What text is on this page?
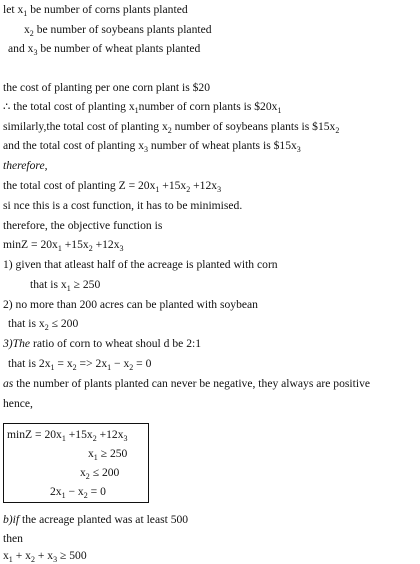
let $x_1$ be number of corns plants planted
$x_2$ be number of soybeans plants planted
and $x_3$ be number of wheat plants planted
the cost of planting per one corn plant is $20
∴ the total cost of planting $x_1number$ of corn plants is $\$20x_1$
similarly,the total cost of planting $x_2$ number of soybeans plants is $\$15x_2$
and the total cost of planting $x_3$ number of wheat plants is $\$15x_3$
therefore,
the total cost of planting $Z = 20x_1 +15x_2 +12x_3$
si nce this is a cost function, it has to be minimised.
therefore, the objective function is
$\min Z = 20x_1 +15x_2 +12x_3$
1) given that atleast half of the acreage is planted with corn
that is $x_1 \ge 250$
2) no more than 200 acres can be planted with soybean
that is $x_2 \le 200$
3)The ratio of corn to wheat shoul d be 2:1
that is $2x_1 = x_2 => 2x_1 - x_2 = 0$
as the number of plants planted can never be negative, they always are positive
hence,
$\min Z = 20x_1 +15x_2 +12x_3$
$x_1 \ge 250$
$x_2 \le 200$
$2x_1 - x_2 = 0$
b)if the acreage planted was at least 500
then
$x_1 + x_2 + x_3 \ge 500$
